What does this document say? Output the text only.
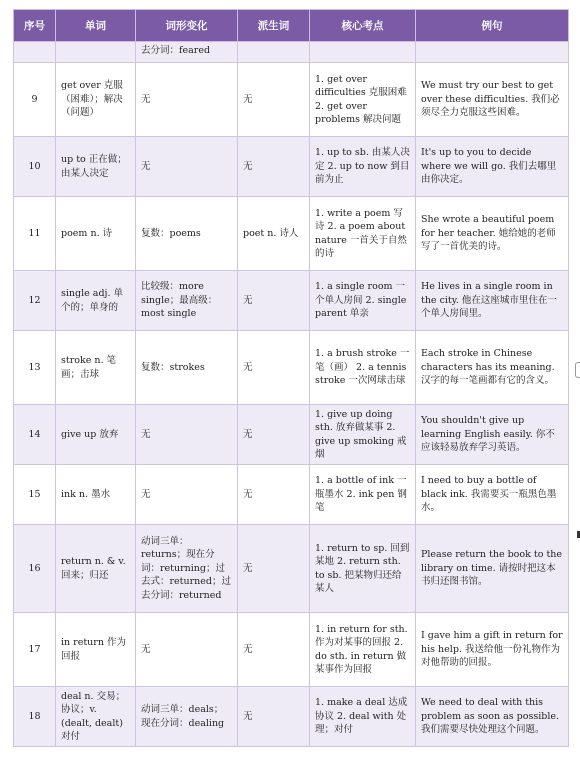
序号	单词	词形变化	派生词	核心考点	例句
		去分词：feared			
9	get over 克服（困难）；解决（问题）	无	无	1. get over difficulties 克服困难 2. get over problems 解决问题	We must try our best to get over these difficulties. 我们必须尽全力克服这些困难。
10	up to 正在做；由某人决定	无	无	1. up to sb. 由某人决定 2. up to now 到目前为止	It's up to you to decide where we will go. 我们去哪里由你决定。
11	poem n. 诗	复数：poems	poet n. 诗人	1. write a poem 写诗 2. a poem about nature 一首关于自然的诗	She wrote a beautiful poem for her teacher. 她给她的老师写了一首优美的诗。
12	single adj. 单个的；单身的	比较级：more single；最高级：most single	无	1. a single room 一个单人房间 2. single parent 单亲	He lives in a single room in the city. 他在这座城市里住在一个单人房间里。
13	stroke n. 笔画；击球	复数：strokes	无	1. a brush stroke 一笔（画） 2. a tennis stroke 一次网球击球	Each stroke in Chinese characters has its meaning. 汉字的每一笔画都有它的含义。
14	give up 放弃	无	无	1. give up doing sth. 放弃做某事 2. give up smoking 戒烟	You shouldn't give up learning English easily. 你不应该轻易放弃学习英语。
15	ink n. 墨水	无	无	1. a bottle of ink 一瓶墨水 2. ink pen 钢笔	I need to buy a bottle of black ink. 我需要买一瓶黑色墨水。
16	return n. & v. 回来；归还	动词三单：returns；现在分词：returning；过去式：returned；过去分词：returned	无	1. return to sp. 回到某地 2. return sth. to sb. 把某物归还给某人	Please return the book to the library on time. 请按时把这本书归还图书馆。
17	in return 作为回报	无	无	1. in return for sth. 作为对某事的回报 2. do sth. in return 做某事作为回报	I gave him a gift in return for his help. 我送给他一份礼物作为对他帮助的回报。
18	deal n. 交易；协议；v. (dealt, dealt)对付	动词三单：deals；现在分词：dealing	无	1. make a deal 达成协议 2. deal with 处理；对付	We need to deal with this problem as soon as possible. 我们需要尽快处理这个问题。
